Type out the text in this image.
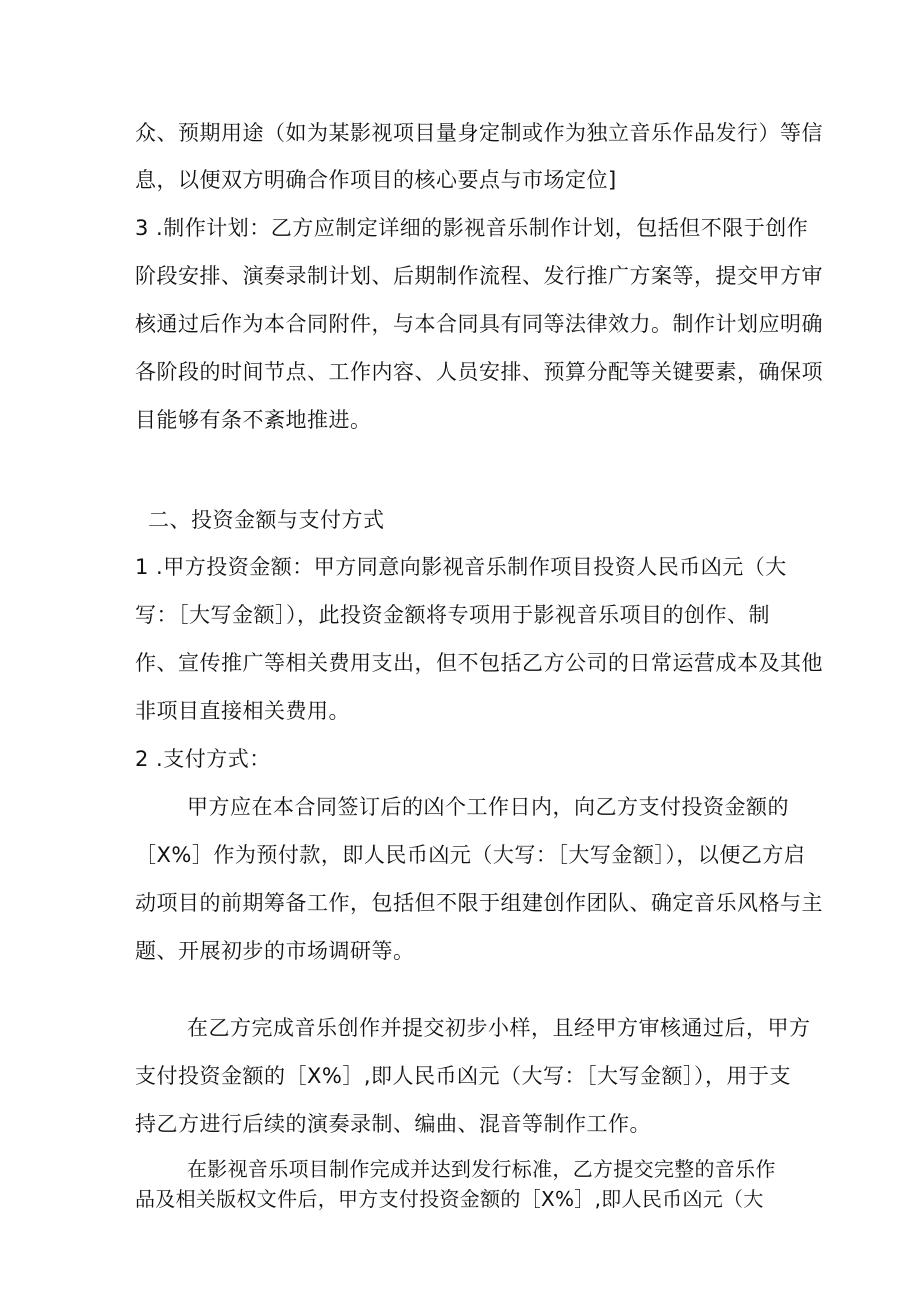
众、预期用途（如为某影视项目量身定制或作为独立音乐作品发行）等信
息，以便双方明确合作项目的核心要点与市场定位]
3 .制作计划：乙方应制定详细的影视音乐制作计划，包括但不限于创作
阶段安排、演奏录制计划、后期制作流程、发行推广方案等，提交甲方审
核通过后作为本合同附件，与本合同具有同等法律效力。制作计划应明确
各阶段的时间节点、工作内容、人员安排、预算分配等关键要素，确保项
目能够有条不紊地推进。
二、投资金额与支付方式
1 .甲方投资金额：甲方同意向影视音乐制作项目投资人民币凶元（大
写：［大写金额］），此投资金额将专项用于影视音乐项目的创作、制
作、宣传推广等相关费用支出，但不包括乙方公司的日常运营成本及其他
非项目直接相关费用。
2 .支付方式：
甲方应在本合同签订后的凶个工作日内，向乙方支付投资金额的
［X%］作为预付款，即人民币凶元（大写：［大写金额］），以便乙方启
动项目的前期筹备工作，包括但不限于组建创作团队、确定音乐风格与主
题、开展初步的市场调研等。
在乙方完成音乐创作并提交初步小样，且经甲方审核通过后，甲方
支付投资金额的［X%］,即人民币凶元（大写：［大写金额］），用于支
持乙方进行后续的演奏录制、编曲、混音等制作工作。
在影视音乐项目制作完成并达到发行标准，乙方提交完整的音乐作
品及相关版权文件后，甲方支付投资金额的［X%］,即人民币凶元（大
